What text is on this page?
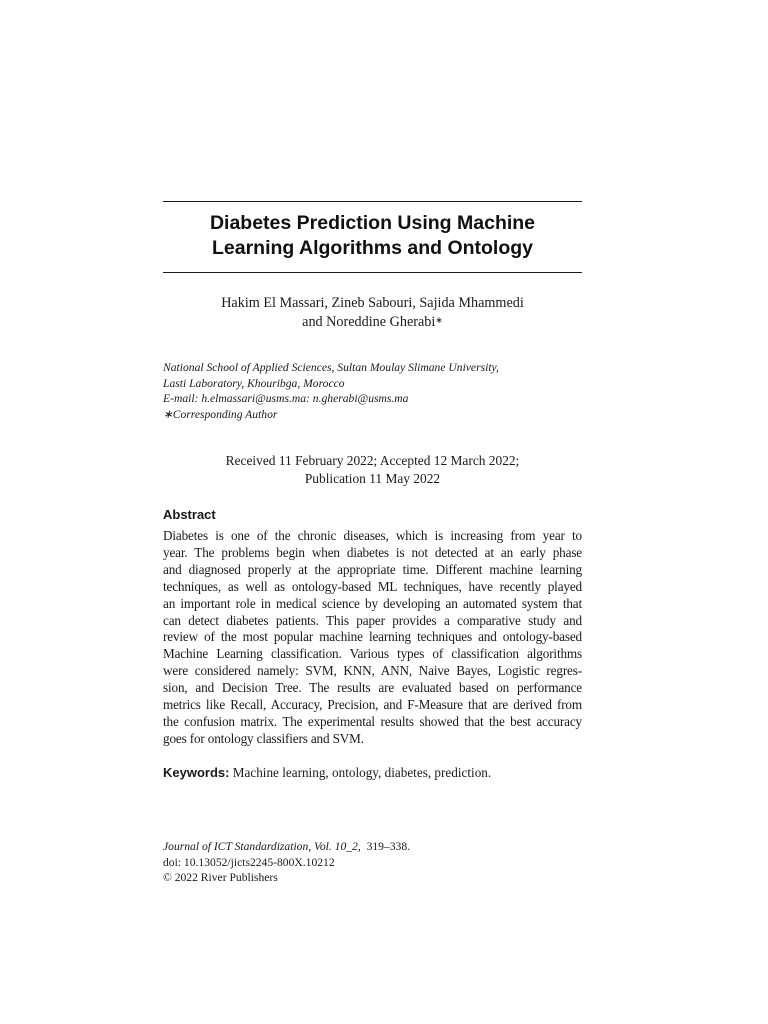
Diabetes Prediction Using Machine
Learning Algorithms and Ontology
Hakim El Massari, Zineb Sabouri, Sajida Mhammedi
and Noreddine Gherabi∗
National School of Applied Sciences, Sultan Moulay Slimane University,
Lasti Laboratory, Khouribga, Morocco
E-mail: h.elmassari@usms.ma: n.gherabi@usms.ma
∗Corresponding Author
Received 11 February 2022; Accepted 12 March 2022;
Publication 11 May 2022
Abstract
Diabetes is one of the chronic diseases, which is increasing from year to
year. The problems begin when diabetes is not detected at an early phase
and diagnosed properly at the appropriate time. Different machine learning
techniques, as well as ontology-based ML techniques, have recently played
an important role in medical science by developing an automated system that
can detect diabetes patients. This paper provides a comparative study and
review of the most popular machine learning techniques and ontology-based
Machine Learning classification. Various types of classification algorithms
were considered namely: SVM, KNN, ANN, Naive Bayes, Logistic regres-
sion, and Decision Tree. The results are evaluated based on performance
metrics like Recall, Accuracy, Precision, and F-Measure that are derived from
the confusion matrix. The experimental results showed that the best accuracy
goes for ontology classifiers and SVM.
Keywords: Machine learning, ontology, diabetes, prediction.
Journal of ICT Standardization, Vol. 10_2,  319–338.
doi: 10.13052/jicts2245-800X.10212
© 2022 River Publishers
